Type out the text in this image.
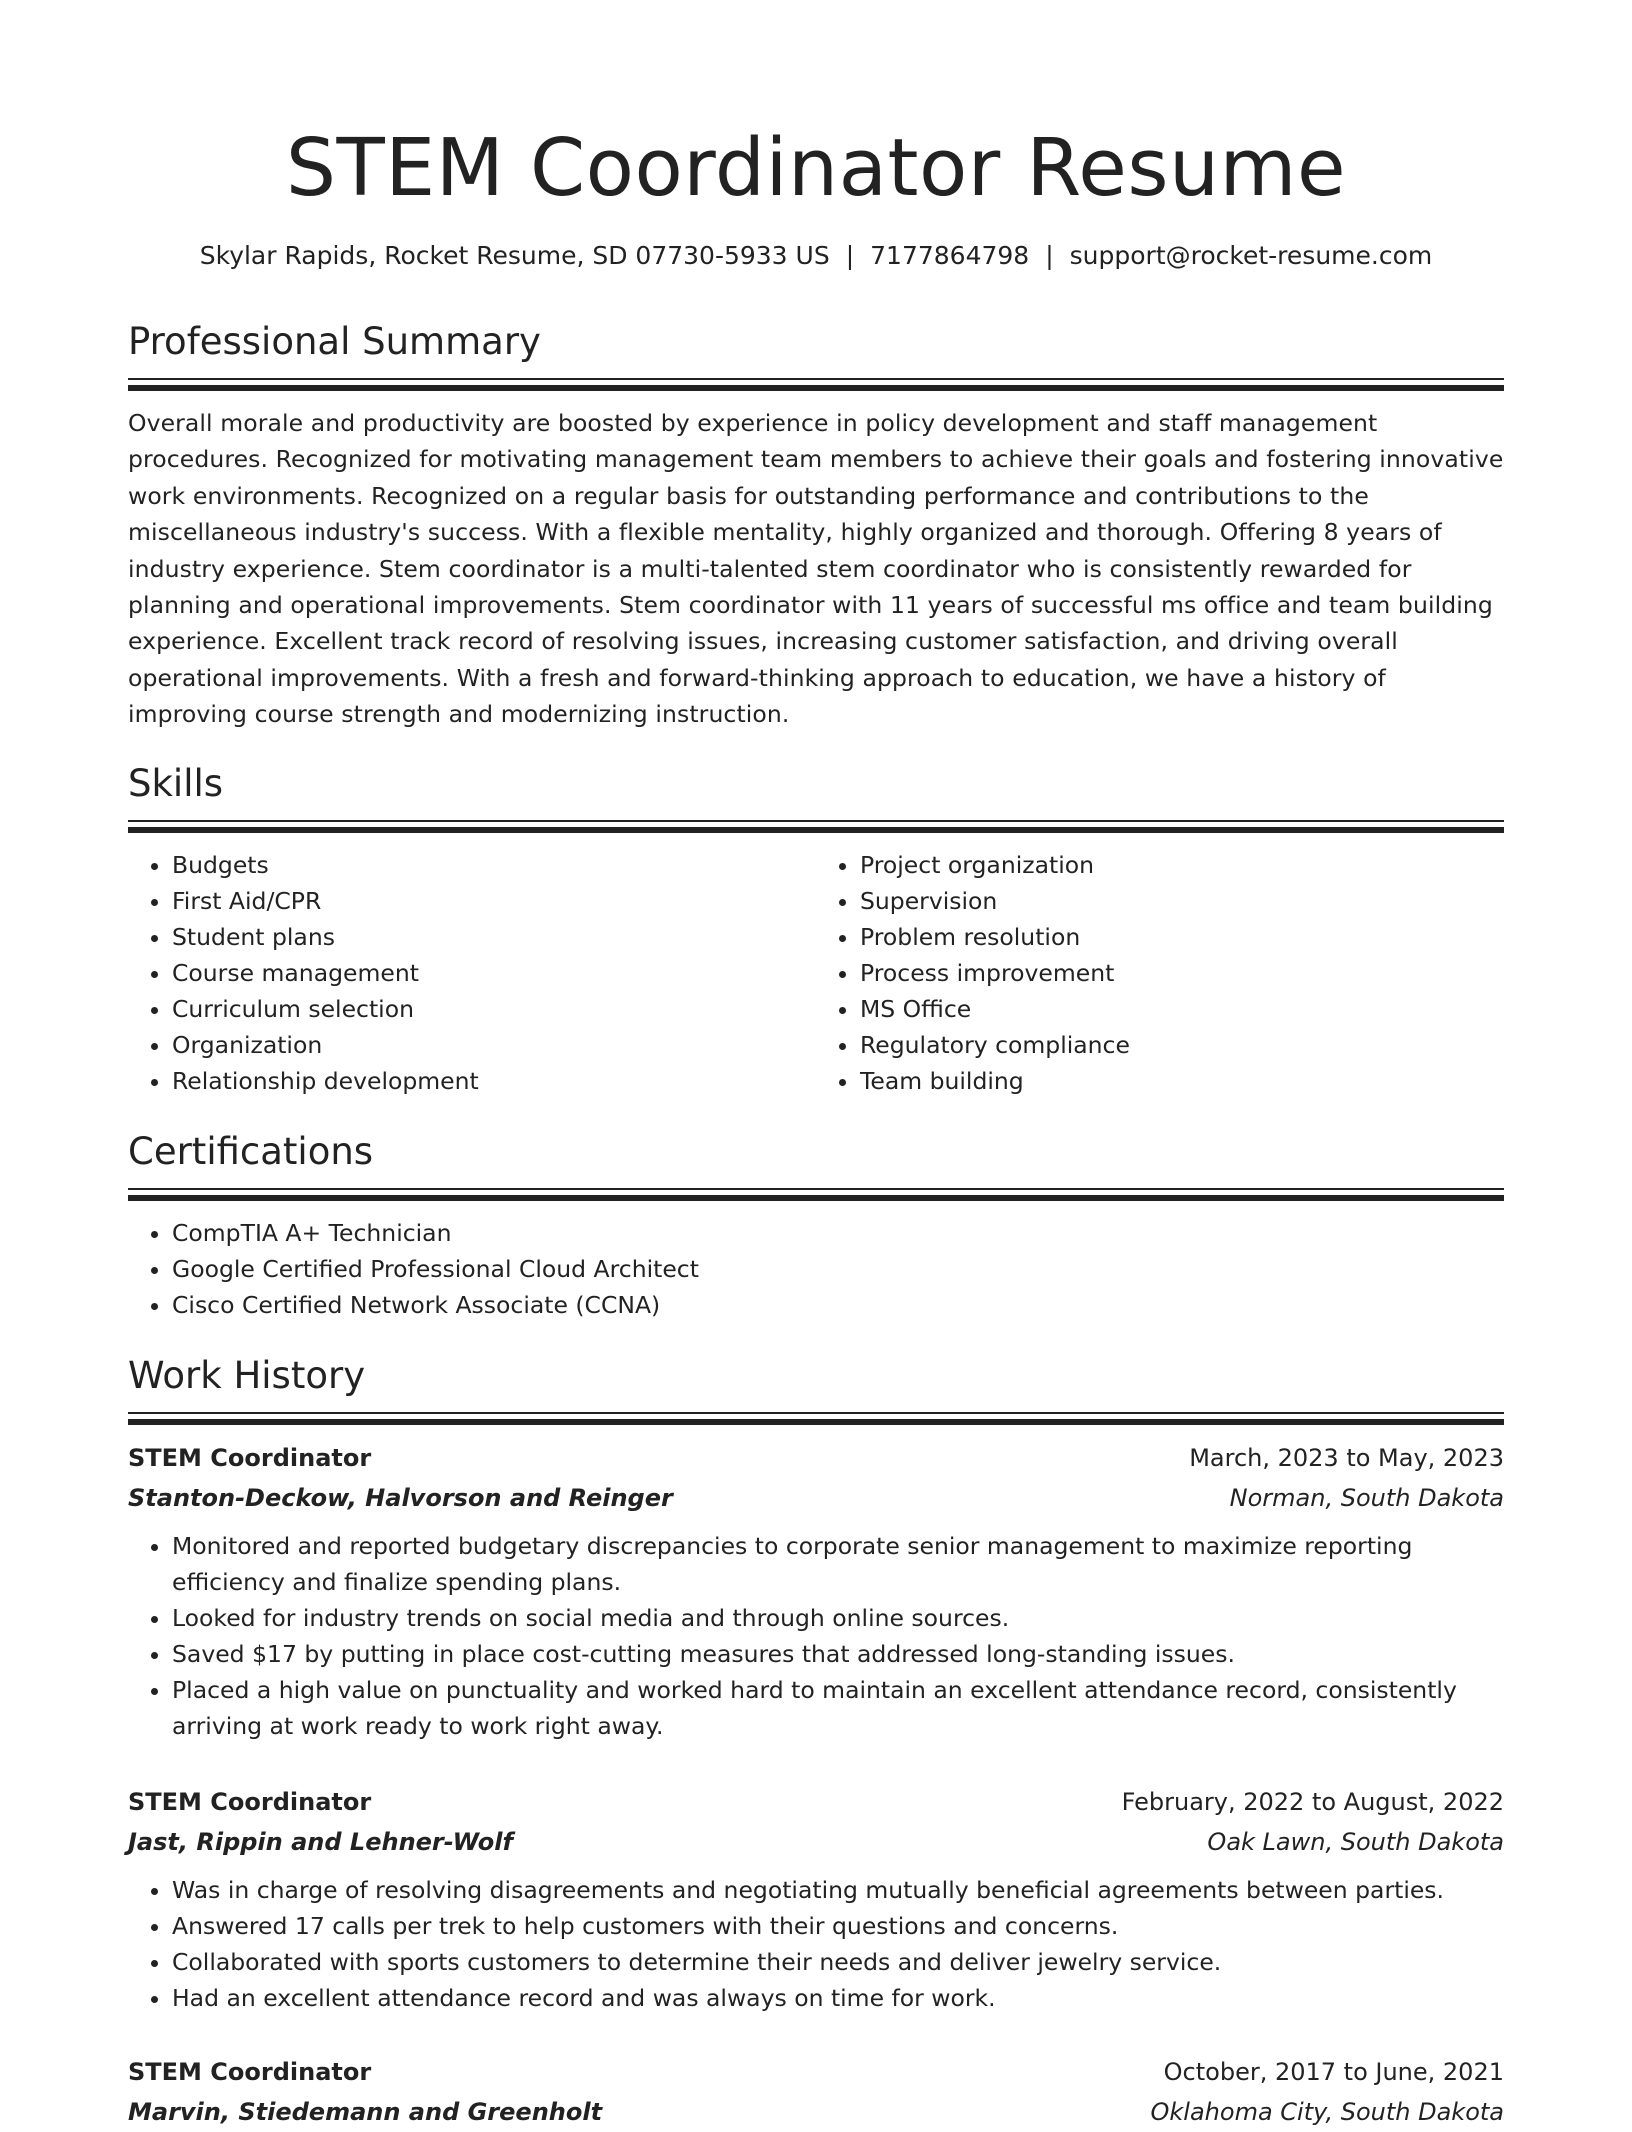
STEM Coordinator Resume
Skylar Rapids, Rocket Resume, SD 07730-5933 US | 7177864798 | support@rocket-resume.com
Professional Summary
Overall morale and productivity are boosted by experience in policy development and staff management procedures. Recognized for motivating management team members to achieve their goals and fostering innovative work environments. Recognized on a regular basis for outstanding performance and contributions to the miscellaneous industry's success. With a flexible mentality, highly organized and thorough. Offering 8 years of industry experience. Stem coordinator is a multi-talented stem coordinator who is consistently rewarded for planning and operational improvements. Stem coordinator with 11 years of successful ms office and team building experience. Excellent track record of resolving issues, increasing customer satisfaction, and driving overall operational improvements. With a fresh and forward-thinking approach to education, we have a history of improving course strength and modernizing instruction.
Skills
• Budgets
• First Aid/CPR
• Student plans
• Course management
• Curriculum selection
• Organization
• Relationship development
• Project organization
• Supervision
• Problem resolution
• Process improvement
• MS Office
• Regulatory compliance
• Team building
Certifications
• CompTIA A+ Technician
• Google Certified Professional Cloud Architect
• Cisco Certified Network Associate (CCNA)
Work History
STEM Coordinator	March, 2023 to May, 2023
Stanton-Deckow, Halvorson and Reinger	Norman, South Dakota
• Monitored and reported budgetary discrepancies to corporate senior management to maximize reporting efficiency and finalize spending plans.
• Looked for industry trends on social media and through online sources.
• Saved $17 by putting in place cost-cutting measures that addressed long-standing issues.
• Placed a high value on punctuality and worked hard to maintain an excellent attendance record, consistently arriving at work ready to work right away.
STEM Coordinator	February, 2022 to August, 2022
Jast, Rippin and Lehner-Wolf	Oak Lawn, South Dakota
• Was in charge of resolving disagreements and negotiating mutually beneficial agreements between parties.
• Answered 17 calls per trek to help customers with their questions and concerns.
• Collaborated with sports customers to determine their needs and deliver jewelry service.
• Had an excellent attendance record and was always on time for work.
STEM Coordinator	October, 2017 to June, 2021
Marvin, Stiedemann and Greenholt	Oklahoma City, South Dakota
